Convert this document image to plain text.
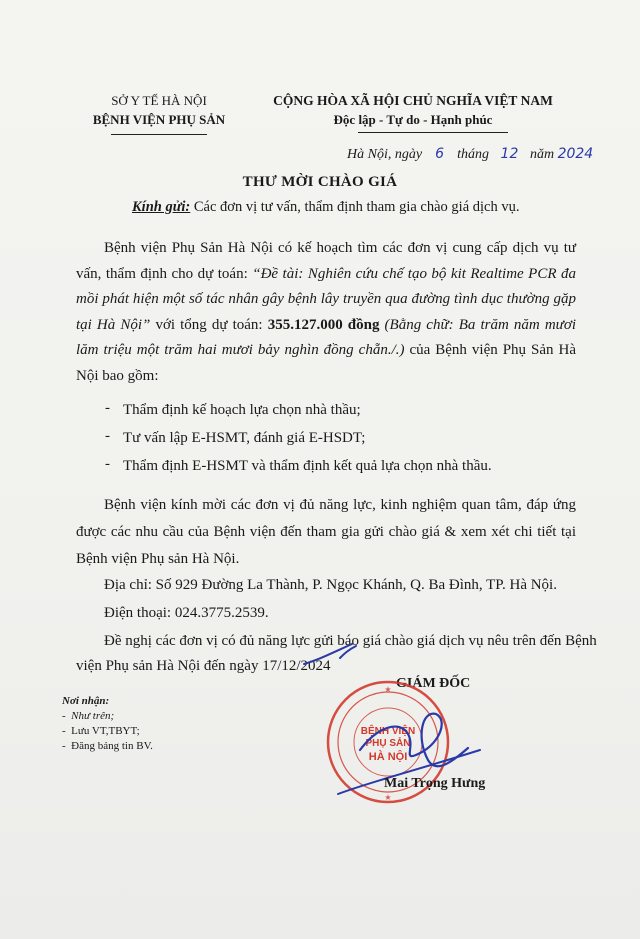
SỞ Y TẾ HÀ NỘI
BỆNH VIỆN PHỤ SẢN
CỘNG HÒA XÃ HỘI CHỦ NGHĨA VIỆT NAM
Độc lập - Tự do - Hạnh phúc
Hà Nội, ngày 6 tháng 12 năm 2024
THƯ MỜI CHÀO GIÁ
Kính gửi: Các đơn vị tư vấn, thẩm định tham gia chào giá dịch vụ.
Bệnh viện Phụ Sản Hà Nội có kế hoạch tìm các đơn vị cung cấp dịch vụ tư vấn, thẩm định cho dự toán: “Đề tài: Nghiên cứu chế tạo bộ kit Realtime PCR đa mồi phát hiện một số tác nhân gây bệnh lây truyền qua đường tình dục thường gặp tại Hà Nội” với tổng dự toán: 355.127.000 đồng (Bằng chữ: Ba trăm năm mươi lăm triệu một trăm hai mươi bảy nghìn đồng chẵn./.) của Bệnh viện Phụ Sản Hà Nội bao gồm:
- Thẩm định kế hoạch lựa chọn nhà thầu;
- Tư vấn lập E-HSMT, đánh giá E-HSDT;
- Thẩm định E-HSMT và thẩm định kết quả lựa chọn nhà thầu.
Bệnh viện kính mời các đơn vị đủ năng lực, kinh nghiệm quan tâm, đáp ứng được các nhu cầu của Bệnh viện đến tham gia gửi chào giá & xem xét chi tiết tại Bệnh viện Phụ sản Hà Nội.
Địa chỉ: Số 929 Đường La Thành, P. Ngọc Khánh, Q. Ba Đình, TP. Hà Nội.
Điện thoại: 024.3775.2539.
Đề nghị các đơn vị có đủ năng lực gửi báo giá chào giá dịch vụ nêu trên đến Bệnh
viện Phụ sản Hà Nội đến ngày 17/12/2024
GIÁM ĐỐC
Nơi nhận:
-  Như trên;
-  Lưu VT,TBYT;
-  Đăng bảng tin BV.
BỆNH VIỆN
PHỤ SẢN
HÀ NỘI
★
★
Mai Trọng Hưng
